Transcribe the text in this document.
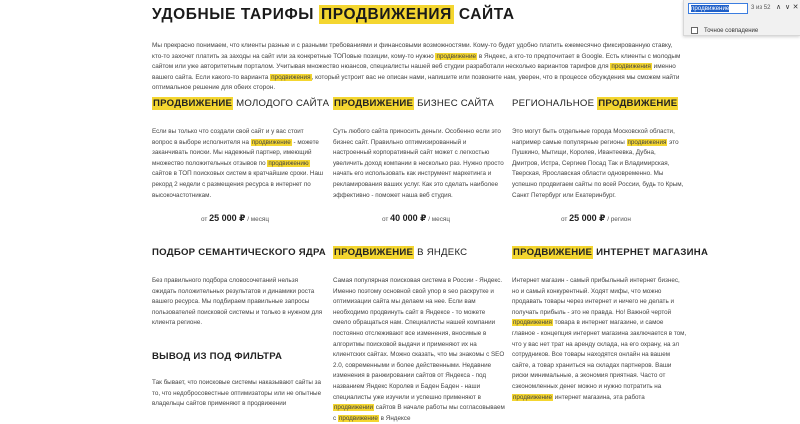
УДОБНЫЕ ТАРИФЫ ПРОДВИЖЕНИЯ САЙТА

Мы прекрасно понимаем, что клиенты разные и с разными требованиями и финансовыми возможностями. Кому-то будет удобно платить ежемесячно фиксированную ставку, кто-то захочет платить за заходы на сайт или за конкретные ТОПовые позиции, кому-то нужно продвижение в Яндекс, а кто-то предпочитает в Google. Есть клиенты с молодым сайтом или уже авторитетным порталом. Учитывая множество нюансов, специалисты нашей веб студии разработали несколько вариантов тарифов для продвижения именно вашего сайта. Если какого-то варианта продвижения, который устроит вас не описан нами, напишите или позвоните нам, уверен, что в процессе обсуждения мы сможем найти оптимальное решение для обеих сторон.

ПРОДВИЖЕНИЕ МОЛОДОГО САЙТА

Если вы только что создали свой сайт и у вас стоит вопрос в выборе исполнителя на продвижение - можете заканчивать поиски. Мы надежный партнер, имеющий множество положительных отзывов по продвижению сайтов в ТОП поисковых систем в кратчайшие сроки. Наш рекорд 2 недели с размещения ресурса в интернет по высокочастотникам.

от 25 000 ₽ / месяц
ПРОДВИЖЕНИЕ БИЗНЕС САЙТА

Суть любого сайта приносить деньги. Особенно если это бизнес сайт. Правильно оптимизированный и настроенный корпоративный сайт может с легкостью увеличить доход компании в несколько раз. Нужно просто начать его использовать как инструмент маркетинга и рекламирования ваших услуг. Как это сделать наиболее эффективно - поможет наша веб студия.

от 40 000 ₽ / месяц
РЕГИОНАЛЬНОЕ ПРОДВИЖЕНИЕ

Это могут быть отдельные города Московской области, например самые популярные регионы продвижения это Пушкино, Мытищи, Королев, Ивантеевка, Дубна, Дмитров, Истра, Сергиев Посад Так и Владимирская, Тверская, Ярославская области одновременно. Мы успешно продвигаем сайты по всей России, будь то Крым, Санкт Петербург или Екатеринбург.

от 25 000 ₽ / регион
ПОДБОР СЕМАНТИЧЕСКОГО ЯДРА

Без правильного подбора словосочетаний нельзя ожидать положительных результатов и динамики роста вашего ресурса. Мы подбираем правильные запросы пользователей поисковой системы и только в нужном для клиента регионе.

ПРОДВИЖЕНИЕ В ЯНДЕКС

Самая популярная поисковая система в России - Яндекс. Именно поэтому основной свой упор в seo раскрутке и оптимизации сайта мы делаем на нее. Если вам необходимо продвинуть сайт в Яндексе - то можете смело обращаться нам. Специалисты нашей компании постоянно отслеживают все изменения, вносимые в алгоритмы поисковой выдачи и применяют их на клиентских сайтах. Можно сказать, что мы знакомы с SEO 2.0, современными и более действенными. Недавние изменения в ранжировании сайтов от Яндекса - под названием Яндекс Королев и Баден Баден - наши специалисты уже изучили и успешно применяют в продвижении сайтов В начале работы мы согласовываем с продвижение в Яндексе

ПРОДВИЖЕНИЕ ИНТЕРНЕТ МАГАЗИНА

Интернет магазин - самый прибыльный интернет бизнес, но и самый конкурентный. Ходят мифы, что можно продавать товары через интернет и ничего не делать и получать прибыль - это не правда. Но! Важной чертой продвижения товара в интернет магазине, и самое главное - концепция интернет магазина заключается в том, что у вас нет трат на аренду склада, на его охрану, на эл сотрудников. Все товары находятся онлайн на вашем сайте, а товар храниться на складах партнеров. Ваши риски минимальные, а экономия приятная. Часто от сэкономленных денег можно и нужно потратить на продвижение интернет магазина, эта работа

ВЫВОД ИЗ ПОД ФИЛЬТРА

Так бывает, что поисковые системы наказывают сайты за то, что недобросовестные оптимизаторы или не опытные владельцы сайтов применяют в продвижении

продвижение	3 из 52 ∧ ∨ ✕
Точное совпадение
